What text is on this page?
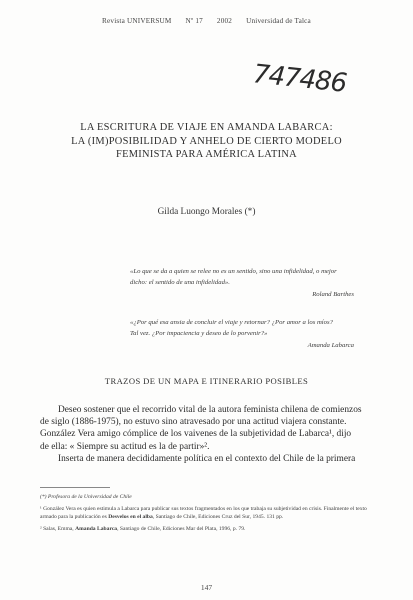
Revista UNIVERSUM Nº 17 2002 Universidad de Talca
747486
LA ESCRITURA DE VIAJE EN AMANDA LABARCA:
LA (IM)POSIBILIDAD Y ANHELO DE CIERTO MODELO
FEMINISTA PARA AMÉRICA LATINA
Gilda Luongo Morales (*)
«Lo que se da a quien se relee no es un sentido, sino una infidelidad, o mejor
dicho: el sentido de una infidelidad».
Roland Barthes
«¿Por qué esa ansia de concluir el viaje y retornar? ¿Por amor a los míos?
Tal vez. ¿Por impaciencia y deseo de lo porvenir?»
Amanda Labarca
TRAZOS DE UN MAPA E ITINERARIO POSIBLES

Deseo sostener que el recorrido vital de la autora feminista chilena de comienzos
de siglo (1886-1975), no estuvo sino atravesado por una actitud viajera constante.
González Vera amigo cómplice de los vaivenes de la subjetividad de Labarca¹, dijo
de ella: « Siempre su actitud es la de partir»².

Inserta de manera decididamente política en el contexto del Chile de la primera

(*) Profesora de la Universidad de Chile
¹ González Vera es quien estimula a Labarca para publicar sus textos fragmentados en los que trabaja su subjetividad en crisis. Finalmente el texto armado para la publicación es Desvelos en el alba, Santiago de Chile, Ediciones Cruz del Sur, 1945. 131 pp.
² Salas, Emma, Amanda Labarca, Santiago de Chile, Ediciones Mar del Plata, 1996, p. 79.
147
